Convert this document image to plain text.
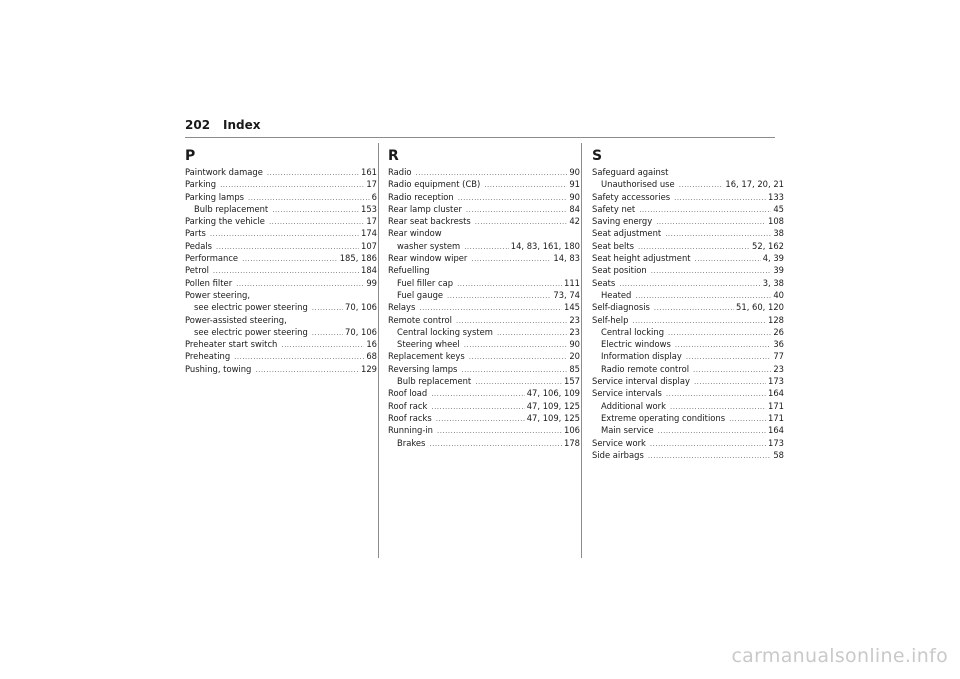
202 Index
P
Paintwork damage .....	161
Parking .....	17
Parking lamps .....	6
Bulb replacement .....	153
Parking the vehicle .....	17
Parts .....	174
Pedals .....	107
Performance .....	185, 186
Petrol .....	184
Pollen filter .....	99
Power steering,
see electric power steering .....	70, 106
Power-assisted steering,
see electric power steering .....	70, 106
Preheater start switch .....	16
Preheating .....	68
Pushing, towing .....	129
R
Radio .....	90
Radio equipment (CB) .....	91
Radio reception .....	90
Rear lamp cluster .....	84
Rear seat backrests .....	42
Rear window
washer system .....	14, 83, 161, 180
Rear window wiper .....	14, 83
Refuelling
Fuel filler cap .....	111
Fuel gauge .....	73, 74
Relays .....	145
Remote control .....	23
Central locking system .....	23
Steering wheel .....	90
Replacement keys .....	20
Reversing lamps .....	85
Bulb replacement .....	157
Roof load .....	47, 106, 109
Roof rack .....	47, 109, 125
Roof racks .....	47, 109, 125
Running-in .....	106
Brakes .....	178
S
Safeguard against
Unauthorised use .....	16, 17, 20, 21
Safety accessories .....	133
Safety net .....	45
Saving energy .....	108
Seat adjustment .....	38
Seat belts .....	52, 162
Seat height adjustment .....	4, 39
Seat position .....	39
Seats .....	3, 38
Heated .....	40
Self-diagnosis .....	51, 60, 120
Self-help .....	128
Central locking .....	26
Electric windows .....	36
Information display .....	77
Radio remote control .....	23
Service interval display .....	173
Service intervals .....	164
Additional work .....	171
Extreme operating conditions .....	171
Main service .....	164
Service work .....	173
Side airbags .....	58
carmanualsonline.info
